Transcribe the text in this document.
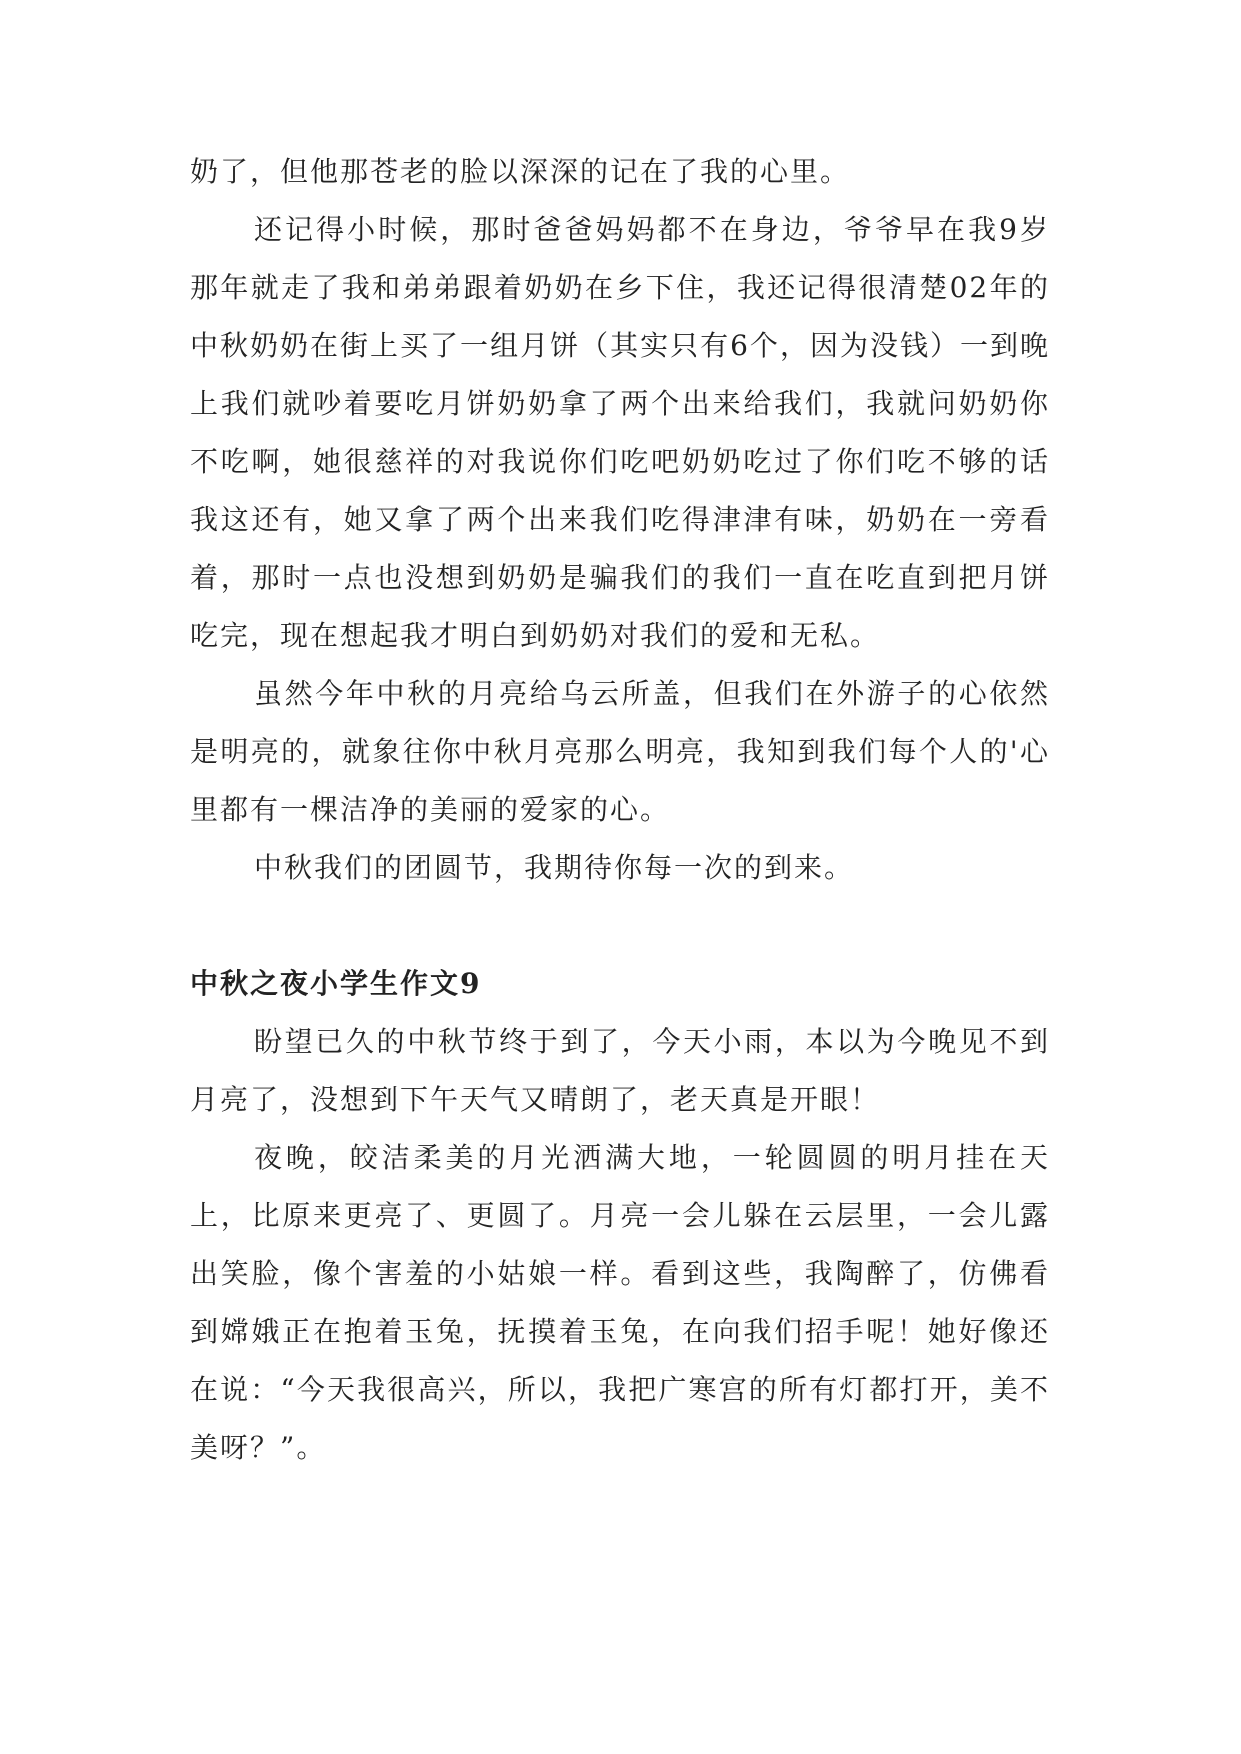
奶了，但他那苍老的脸以深深的记在了我的心里。

还记得小时候，那时爸爸妈妈都不在身边，爷爷早在我9岁那年就走了我和弟弟跟着奶奶在乡下住，我还记得很清楚02年的中秋奶奶在街上买了一组月饼（其实只有6个，因为没钱）一到晚上我们就吵着要吃月饼奶奶拿了两个出来给我们，我就问奶奶你不吃啊，她很慈祥的对我说你们吃吧奶奶吃过了你们吃不够的话我这还有，她又拿了两个出来我们吃得津津有味，奶奶在一旁看着，那时一点也没想到奶奶是骗我们的我们一直在吃直到把月饼吃完，现在想起我才明白到奶奶对我们的爱和无私。

虽然今年中秋的月亮给乌云所盖，但我们在外游子的心依然是明亮的，就象往你中秋月亮那么明亮，我知到我们每个人的'心里都有一棵洁净的美丽的爱家的心。

中秋我们的团圆节，我期待你每一次的到来。

中秋之夜小学生作文9

盼望已久的中秋节终于到了，今天小雨，本以为今晚见不到月亮了，没想到下午天气又晴朗了，老天真是开眼！

夜晚，皎洁柔美的月光洒满大地，一轮圆圆的明月挂在天上，比原来更亮了、更圆了。月亮一会儿躲在云层里，一会儿露出笑脸，像个害羞的小姑娘一样。看到这些，我陶醉了，仿佛看到嫦娥正在抱着玉兔，抚摸着玉兔，在向我们招手呢！她好像还在说：“今天我很高兴，所以，我把广寒宫的所有灯都打开，美不美呀？”。
